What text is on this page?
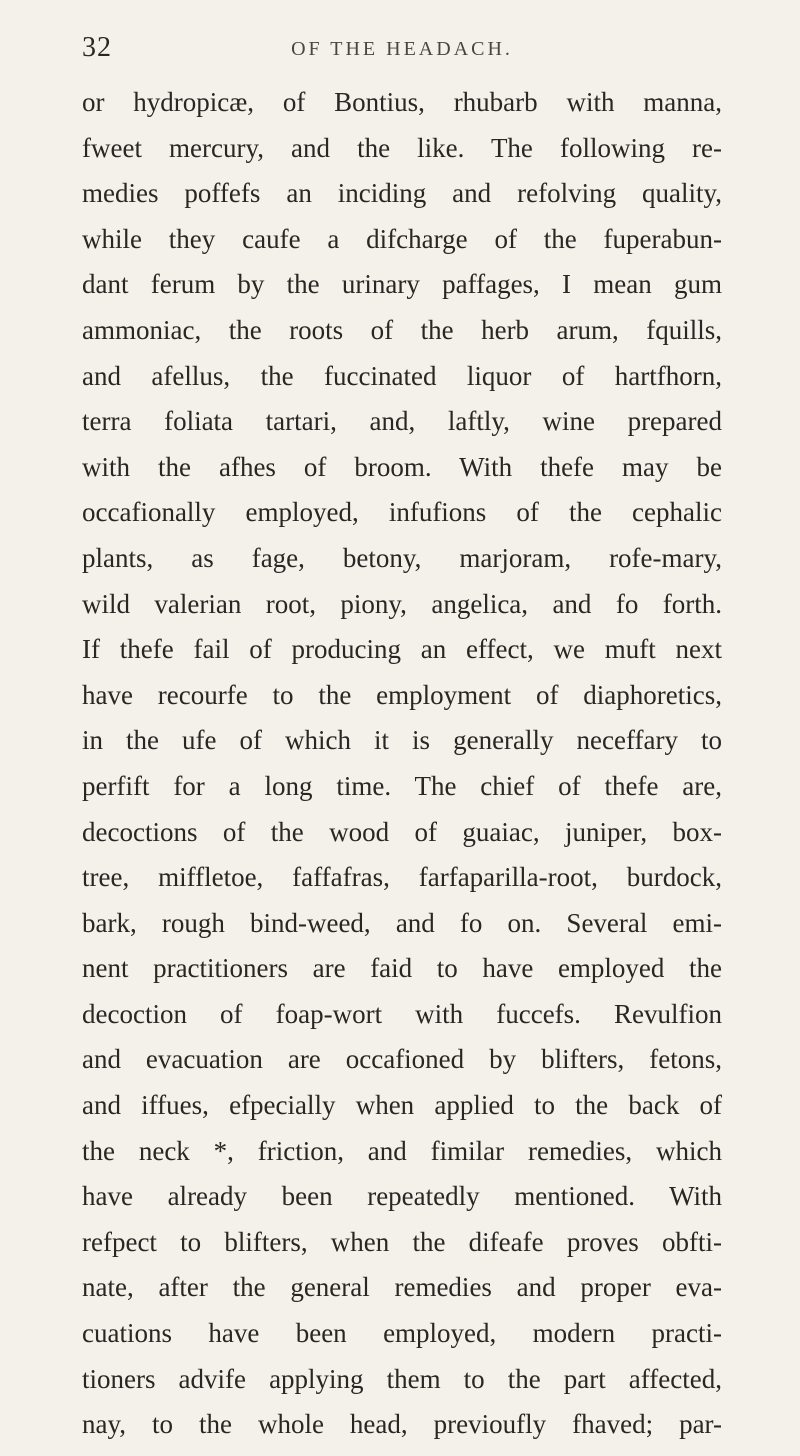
32	OF THE HEADACH.
or hydropicæ, of Bontius, rhubarb with manna,
fweet mercury, and the like. The following re-
medies poffefs an inciding and refolving quality,
while they caufe a difcharge of the fuperabun-
dant ferum by the urinary paffages, I mean gum
ammoniac, the roots of the herb arum, fquills,
and afellus, the fuccinated liquor of hartfhorn,
terra foliata tartari, and, laftly, wine prepared
with the afhes of broom. With thefe may be
occafionally employed, infufions of the cephalic
plants, as fage, betony, marjoram, rofe-mary,
wild valerian root, piony, angelica, and fo forth.
If thefe fail of producing an effect, we muft next
have recourfe to the employment of diaphoretics,
in the ufe of which it is generally neceffary to
perfift for a long time. The chief of thefe are,
decoctions of the wood of guaiac, juniper, box-
tree, miffletoe, faffafras, farfaparilla-root, burdock,
bark, rough bind-weed, and fo on. Several emi-
nent practitioners are faid to have employed the
decoction of foap-wort with fuccefs. Revulfion
and evacuation are occafioned by blifters, fetons,
and iffues, efpecially when applied to the back of
the neck *, friction, and fimilar remedies, which
have already been repeatedly mentioned. With
refpect to blifters, when the difeafe proves obfti-
nate, after the general remedies and proper eva-
cuations have been employed, modern practi-
tioners advife applying them to the part affected,
nay, to the whole head, previoufly fhaved; par-
